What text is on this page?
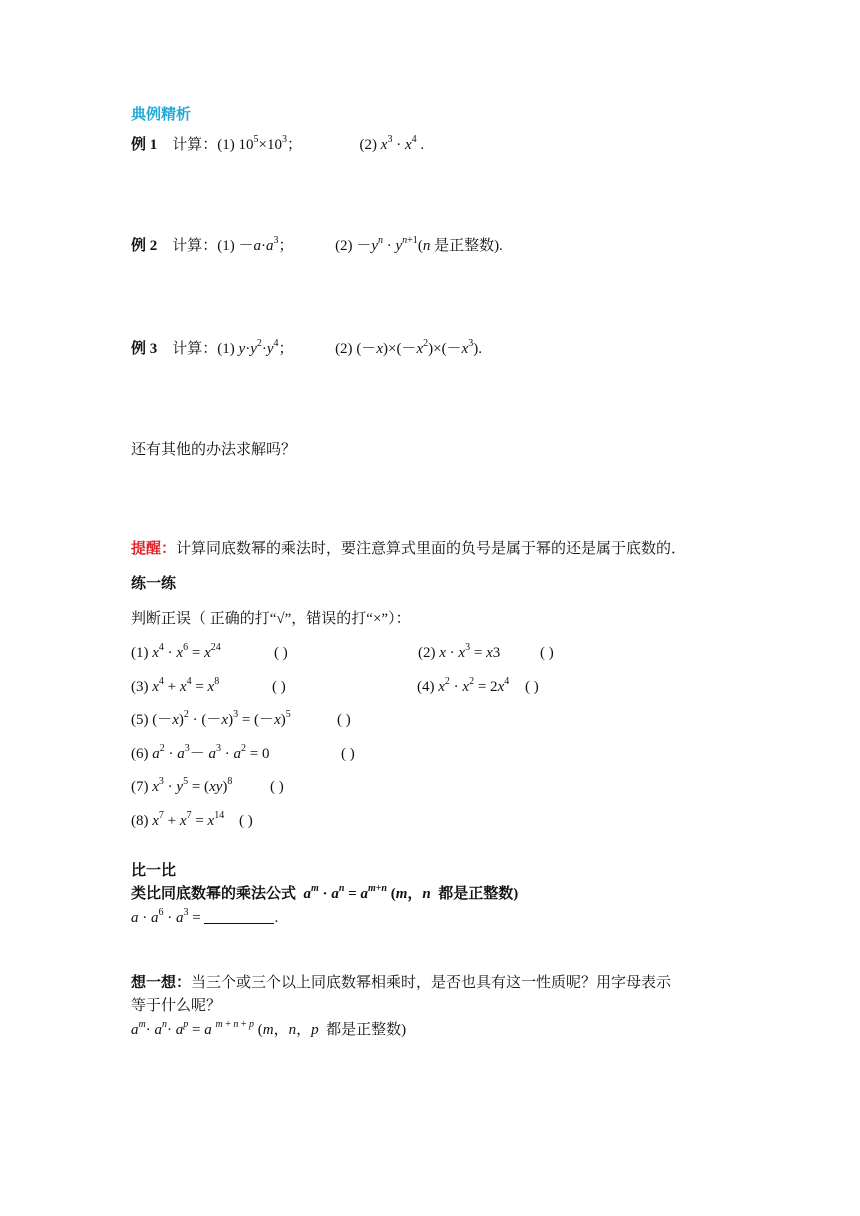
典例精析
例 1 计算：(1) $10^5\times 10^3$；	(2) $x^3 \cdot x^4$ .
例 2 计算：$(1) -a\cdot a^3$；	$(2) -y^n \cdot y^{n+1}(n$ 是正整数).
例 3 计算：(1) $y\cdot y^2\cdot y^4$；	(2) $(-x)\times(-x^2)\times(-x^3)$.
还有其他的办法求解吗？
提醒：计算同底数幂的乘法时，要注意算式里面的负号是属于幂的还是属于底数的．
练一练
判断正误（ 正确的打“√”，错误的打“×”）：
(1) $x^4 \cdot x^6 = x^{24}$	( )	(2) $x \cdot x^3 = x3$	( )
(3) $x^4 + x^4 = x^8$	( )	(4) $x^2 \cdot x^2 = 2x^4$ ( )
(5) $(-x)^2 \cdot (-x)^3 = (-x)^5$	( )
(6) $a^2 \cdot a^3- a^3 \cdot a^2 = 0$	( )
(7) $x^3 \cdot y^5 = (xy)^8$	( )
(8) $x^7 + x^7 = x^{14}$ ( )
比一比
类比同底数幂的乘法公式 $a^m \cdot a^n = a^{m+n}$ (m，n 都是正整数)
$a \cdot a^6 \cdot a^3$ =	.
想一想：当三个或三个以上同底数幂相乘时，是否也具有这一性质呢？用字母表示
等于什么呢？
$a^m\cdot a^n\cdot a^p = a$ $^{m + n + p}$ (m，n，p 都是正整数)
